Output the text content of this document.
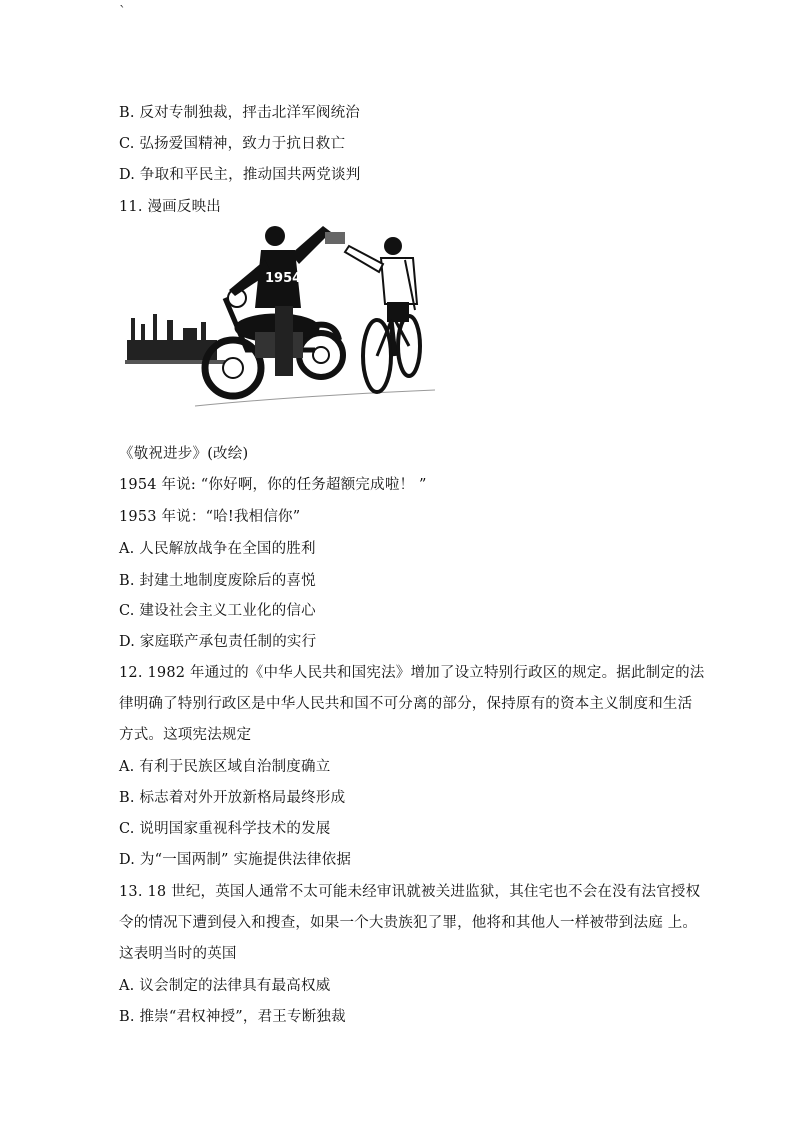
`
B. 反对专制独裁，抨击北洋军阀统治
C. 弘扬爱国精神，致力于抗日救亡
D. 争取和平民主，推动国共两党谈判
11. 漫画反映出
1954
《敬祝进步》(改绘)
1954 年说: “你好啊，你的任务超额完成啦！ ”
1953 年说：“哈!我相信你”
A. 人民解放战争在全国的胜利
B. 封建土地制度废除后的喜悦
C. 建设社会主义工业化的信心
D. 家庭联产承包责任制的实行
12. 1982 年通过的《中华人民共和国宪法》增加了设立特别行政区的规定。据此制定的法
律明确了特别行政区是中华人民共和国不可分离的部分，保持原有的资本主义制度和生活
方式。这项宪法规定
A. 有利于民族区域自治制度确立
B. 标志着对外开放新格局最终形成
C. 说明国家重视科学技术的发展
D. 为“一国两制” 实施提供法律依据
13. 18 世纪，英国人通常不太可能未经审讯就被关进监狱，其住宅也不会在没有法官授权
令的情况下遭到侵入和搜查，如果一个大贵族犯了罪，他将和其他人一样被带到法庭 上。
这表明当时的英国
A. 议会制定的法律具有最高权威
B. 推崇“君权神授”，君王专断独裁
